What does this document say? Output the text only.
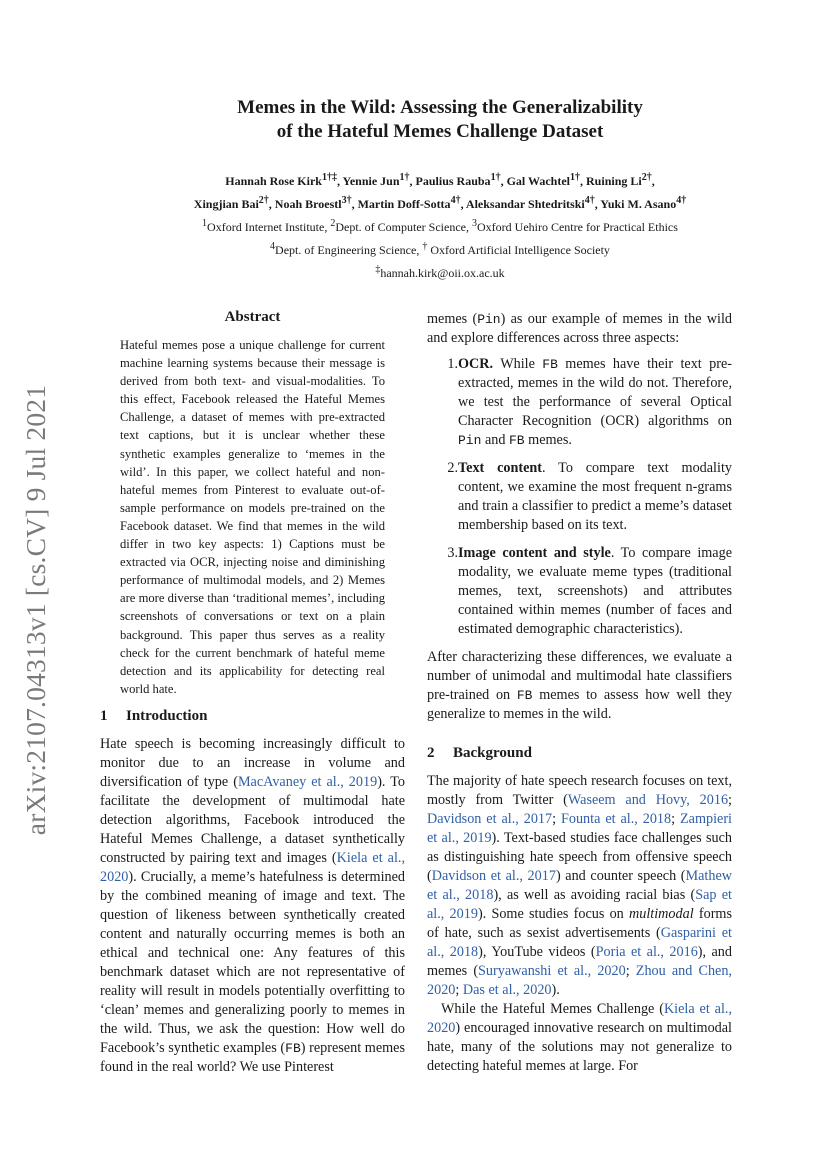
arXiv:2107.04313v1 [cs.CV] 9 Jul 2021
Memes in the Wild: Assessing the Generalizability
of the Hateful Memes Challenge Dataset
Hannah Rose Kirk$^{1\dagger\ddagger}$, Yennie Jun$^{1\dagger}$, Paulius Rauba$^{1\dagger}$, Gal Wachtel$^{1\dagger}$, Ruining $Li^{2\dagger}$,
Xingjian Bai$^{2\dagger}$, Noah Broestl$^{3\dagger}$, Martin Doff-Sotta$^{4\dagger}$, Aleksandar Shtedritski$^{4\dagger}$, Yuki M. Asano$^{4\dagger}$
$^1$Oxford Internet Institute, $^2$Dept. of Computer Science, $^3$Oxford Uehiro Centre for Practical Ethics
$^4$Dept. of Engineering Science, † Oxford Artificial Intelligence Society
‡hannah.kirk@oii.ox.ac.uk
Abstract

Hateful memes pose a unique challenge for current machine learning systems because their message is derived from both text- and visual-modalities. To this effect, Facebook released the Hateful Memes Challenge, a dataset of memes with pre-extracted text captions, but it is unclear whether these synthetic examples generalize to ‘memes in the wild’. In this paper, we collect hateful and non-hateful memes from Pinterest to evaluate out-of-sample performance on models pre-trained on the Facebook dataset. We find that memes in the wild differ in two key aspects: 1) Captions must be extracted via OCR, injecting noise and diminishing performance of multimodal models, and 2) Memes are more diverse than ‘traditional memes’, including screenshots of conversations or text on a plain background. This paper thus serves as a reality check for the current benchmark of hateful meme detection and its applicability for detecting real world hate.

1	Introduction

Hate speech is becoming increasingly difficult to monitor due to an increase in volume and diversification of type (MacAvaney et al., 2019). To facilitate the development of multimodal hate detection algorithms, Facebook introduced the Hateful Memes Challenge, a dataset synthetically constructed by pairing text and images (Kiela et al., 2020). Crucially, a meme’s hatefulness is determined by the combined meaning of image and text. The question of likeness between synthetically created content and naturally occurring memes is both an ethical and technical one: Any features of this benchmark dataset which are not representative of reality will result in models potentially overfitting to ‘clean’ memes and generalizing poorly to memes in the wild. Thus, we ask the question: How well do Facebook’s synthetic examples (FB) represent memes found in the real world? We use Pinterest

memes (Pin) as our example of memes in the wild and explore differences across three aspects:

1. OCR. While FB memes have their text pre-extracted, memes in the wild do not. Therefore, we test the performance of several Optical Character Recognition (OCR) algorithms on Pin and FB memes.
2. Text content. To compare text modality content, we examine the most frequent n-grams and train a classifier to predict a meme’s dataset membership based on its text.
3. Image content and style. To compare image modality, we evaluate meme types (traditional memes, text, screenshots) and attributes contained within memes (number of faces and estimated demographic characteristics).

After characterizing these differences, we evaluate a number of unimodal and multimodal hate classifiers pre-trained on FB memes to assess how well they generalize to memes in the wild.

2	Background

The majority of hate speech research focuses on text, mostly from Twitter (Waseem and Hovy, 2016; Davidson et al., 2017; Founta et al., 2018; Zampieri et al., 2019). Text-based studies face challenges such as distinguishing hate speech from offensive speech (Davidson et al., 2017) and counter speech (Mathew et al., 2018), as well as avoiding racial bias (Sap et al., 2019). Some studies focus on multimodal forms of hate, such as sexist advertisements (Gasparini et al., 2018), YouTube videos (Poria et al., 2016), and memes (Suryawanshi et al., 2020; Zhou and Chen, 2020; Das et al., 2020).

While the Hateful Memes Challenge (Kiela et al., 2020) encouraged innovative research on multimodal hate, many of the solutions may not generalize to detecting hateful memes at large. For
